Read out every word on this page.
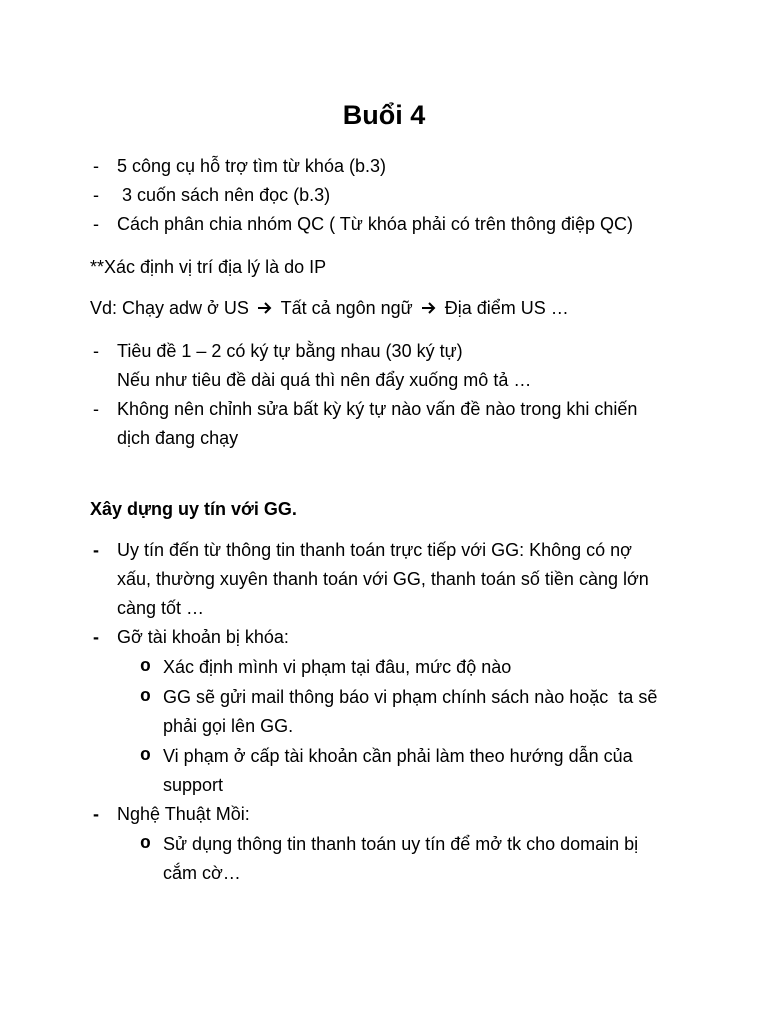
Buổi 4
- 5 công cụ hỗ trợ tìm từ khóa (b.3)
- 3 cuốn sách nên đọc (b.3)
- Cách phân chia nhóm QC ( Từ khóa phải có trên thông điệp QC)
**Xác định vị trí địa lý là do IP
Vd: Chạy adw ở US Tất cả ngôn ngữ Địa điểm US …
- Tiêu đề 1 – 2 có ký tự bằng nhau (30 ký tự)
Nếu như tiêu đề dài quá thì nên đẩy xuống mô tả …
- Không nên chỉnh sửa bất kỳ ký tự nào vấn đề nào trong khi chiến
dịch đang chạy
Xây dựng uy tín với GG.
- Uy tín đến từ thông tin thanh toán trực tiếp với GG: Không có nợ
xấu, thường xuyên thanh toán với GG, thanh toán số tiền càng lớn
càng tốt …
- Gỡ tài khoản bị khóa:
o Xác định mình vi phạm tại đâu, mức độ nào
o GG sẽ gửi mail thông báo vi phạm chính sách nào hoặc  ta sẽ
phải gọi lên GG.
o Vi phạm ở cấp tài khoản cần phải làm theo hướng dẫn của
support
- Nghệ Thuật Mồi:
o Sử dụng thông tin thanh toán uy tín để mở tk cho domain bị
cắm cờ…
